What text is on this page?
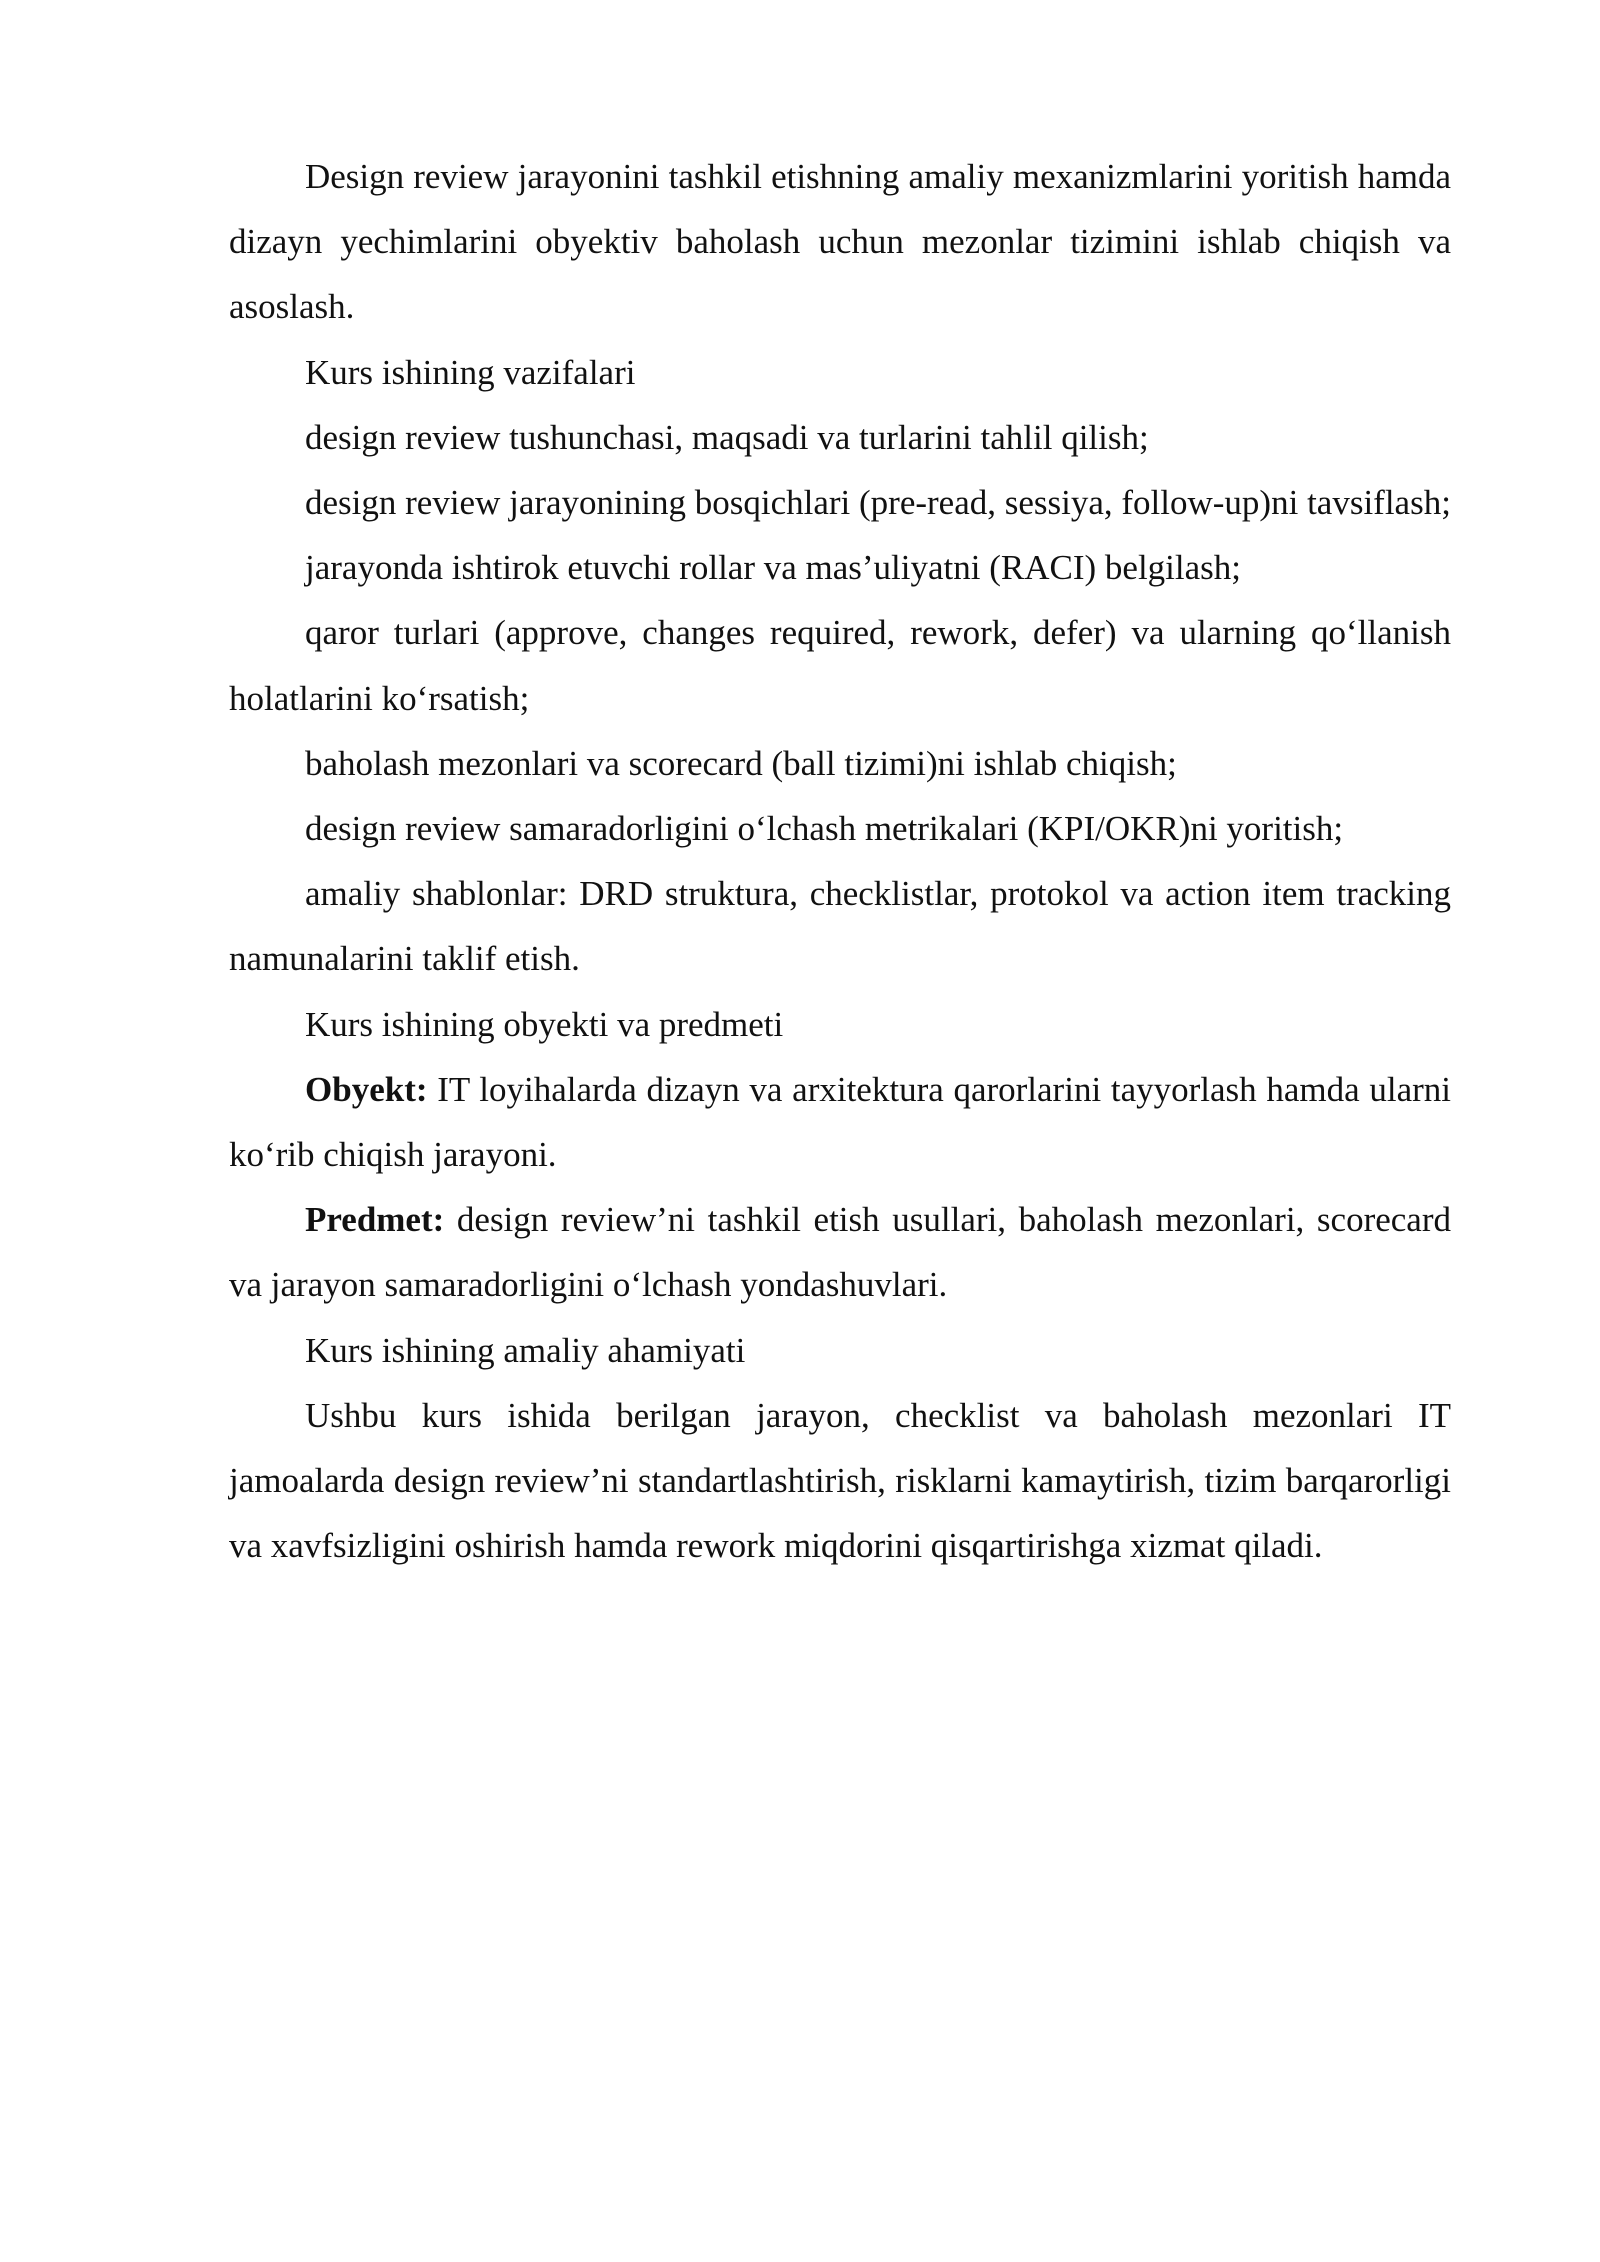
Design review jarayonini tashkil etishning amaliy mexanizmlarini yoritish hamda dizayn yechimlarini obyektiv baholash uchun mezonlar tizimini ishlab chiqish va asoslash.

Kurs ishining vazifalari

design review tushunchasi, maqsadi va turlarini tahlil qilish;

design review jarayonining bosqichlari (pre-read, sessiya, follow-up)ni tavsiflash;

jarayonda ishtirok etuvchi rollar va mas’uliyatni (RACI) belgilash;

qaror turlari (approve, changes required, rework, defer) va ularning qo‘llanish holatlarini ko‘rsatish;

baholash mezonlari va scorecard (ball tizimi)ni ishlab chiqish;

design review samaradorligini o‘lchash metrikalari (KPI/OKR)ni yoritish;

amaliy shablonlar: DRD struktura, checklistlar, protokol va action item tracking namunalarini taklif etish.

Kurs ishining obyekti va predmeti

Obyekt: IT loyihalarda dizayn va arxitektura qarorlarini tayyorlash hamda ularni ko‘rib chiqish jarayoni.

Predmet: design review’ni tashkil etish usullari, baholash mezonlari, scorecard va jarayon samaradorligini o‘lchash yondashuvlari.

Kurs ishining amaliy ahamiyati

Ushbu kurs ishida berilgan jarayon, checklist va baholash mezonlari IT jamoalarda design review’ni standartlashtirish, risklarni kamaytirish, tizim barqarorligi va xavfsizligini oshirish hamda rework miqdorini qisqartirishga xizmat qiladi.
